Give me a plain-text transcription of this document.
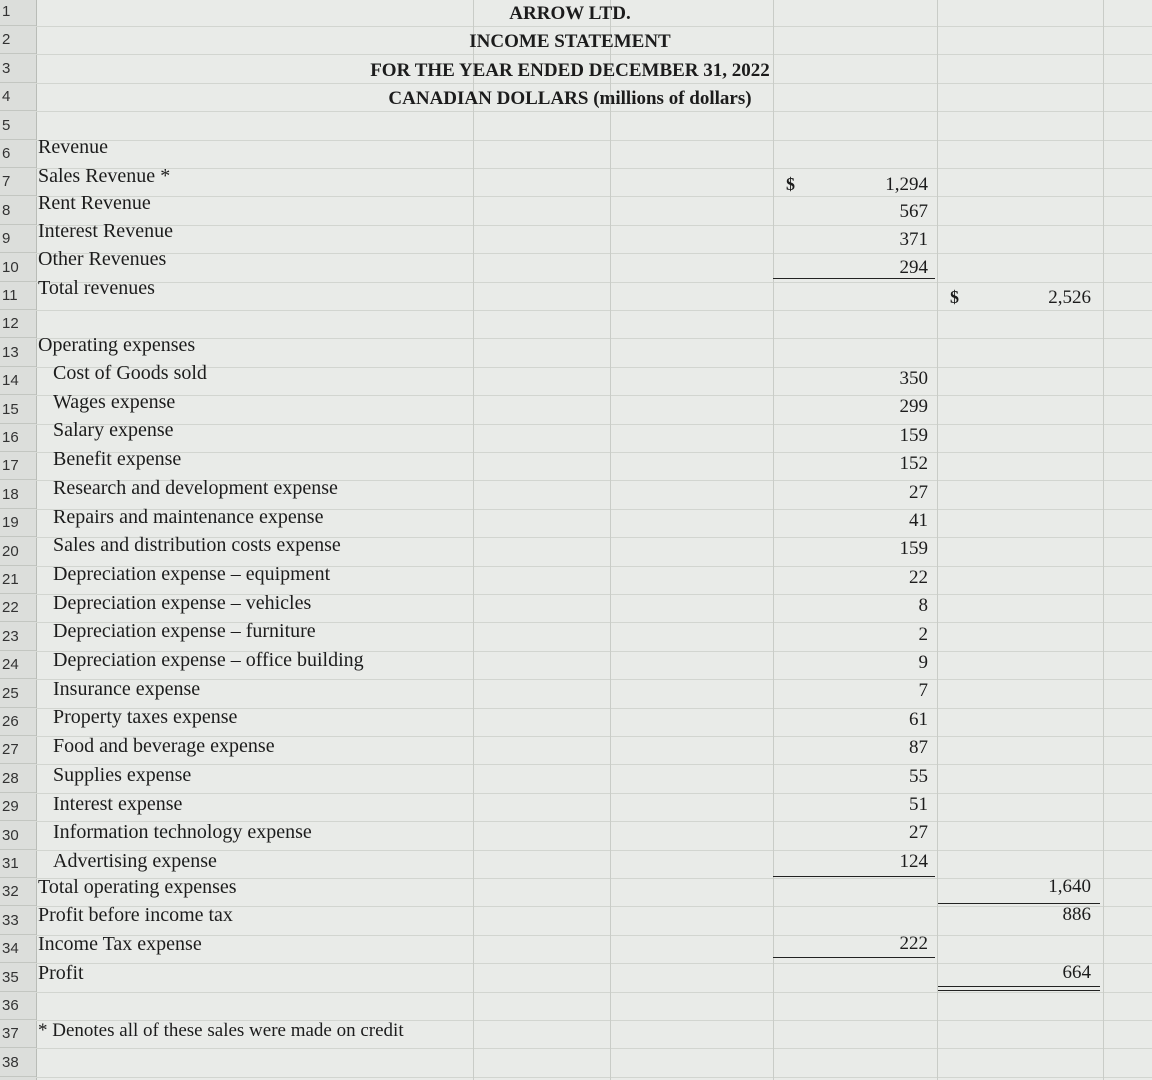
1
2
3
4
5
6
7
8
9
10
11
12
13
14
15
16
17
18
19
20
21
22
23
24
25
26
27
28
29
30
31
32
33
34
35
36
37
38
ARROW LTD.
INCOME STATEMENT
FOR THE YEAR ENDED DECEMBER 31, 2022
CANADIAN DOLLARS (millions of dollars)
Revenue
$
Sales Revenue *	1,294
Rent Revenue	567
Interest Revenue	371
Other Revenues	294
Total revenues	$	2,526
Operating expenses
Cost of Goods sold	350
Wages expense	299
Salary expense	159
Benefit expense	152
Research and development expense	27
Repairs and maintenance expense	41
Sales and distribution costs expense	159
Depreciation expense – equipment	22
Depreciation expense – vehicles	8
Depreciation expense – furniture	2
Depreciation expense – office building	9
Insurance expense	7
Property taxes expense	61
Food and beverage expense	87
Supplies expense	55
Interest expense	51
Information technology expense	27
Advertising expense	124
Total operating expenses	1,640
Profit before income tax	886
Income Tax expense	222
Profit	664
* Denotes all of these sales were made on credit
